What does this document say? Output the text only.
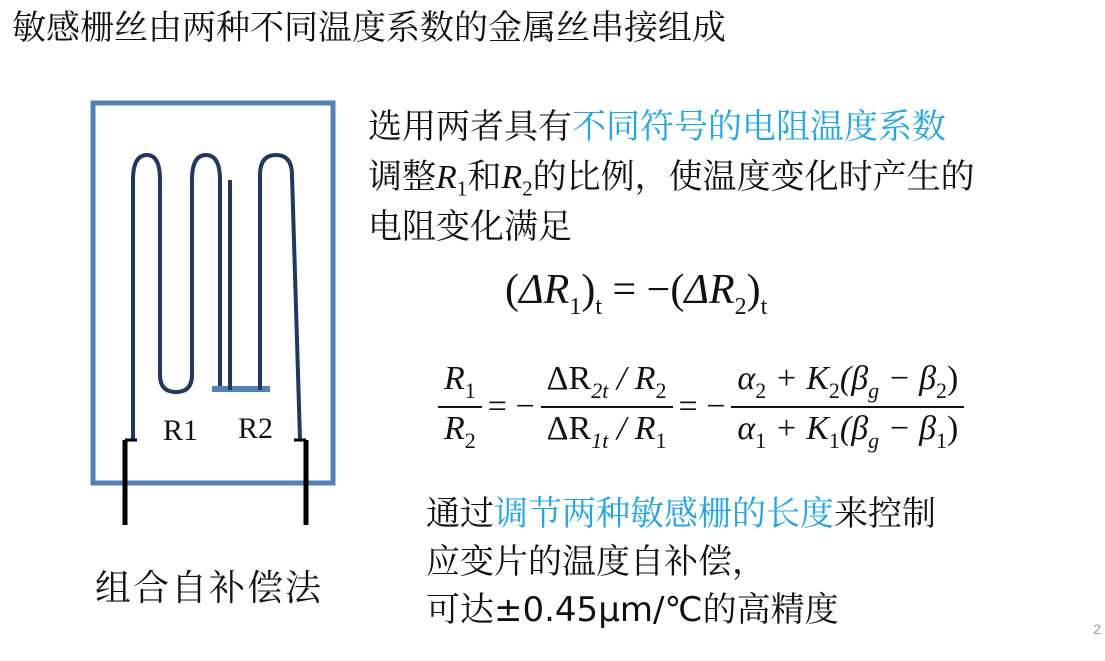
敏感栅丝由两种不同温度系数的金属丝串接组成
R1 R2
组合自补偿法
选用两者具有不同符号的电阻温度系数
调整$R_1$和$R_2$的比例，使温度变化时产生的
电阻变化满足
$(\Delta R_1)_t = -(\Delta R_2)_t$
$\frac{R_1}{R_2}$ = − $\frac{\Delta R_{2t} / R_2}{\Delta R_{1t} / R_1}$ = − $\frac{\alpha_2 + K_2(\beta_g - \beta_2)}{\alpha_1 + K_1(\beta_g - \beta_1)}$
通过调节两种敏感栅的长度来控制
应变片的温度自补偿，
可达±0.45μm/℃的高精度	2
